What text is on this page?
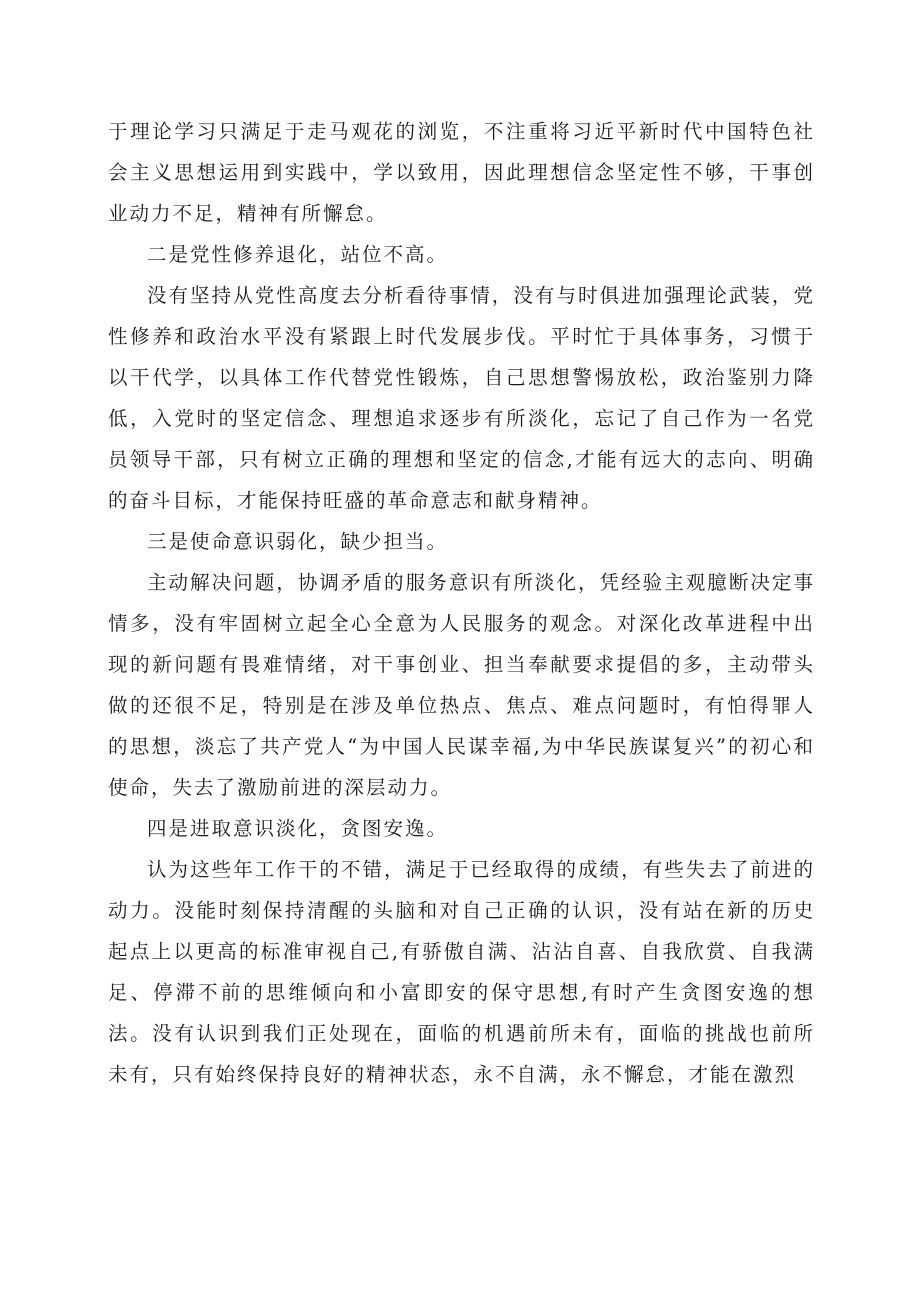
于理论学习只满足于走马观花的浏览，不注重将习近平新时代中国特色社会主义思想运用到实践中，学以致用，因此理想信念坚定性不够，干事创业动力不足，精神有所懈怠。

二是党性修养退化，站位不高。

没有坚持从党性高度去分析看待事情，没有与时俱进加强理论武装，党性修养和政治水平没有紧跟上时代发展步伐。平时忙于具体事务，习惯于以干代学，以具体工作代替党性锻炼，自己思想警惕放松，政治鉴别力降低，入党时的坚定信念、理想追求逐步有所淡化，忘记了自己作为一名党员领导干部，只有树立正确的理想和坚定的信念,才能有远大的志向、明确的奋斗目标，才能保持旺盛的革命意志和献身精神。

三是使命意识弱化，缺少担当。

主动解决问题，协调矛盾的服务意识有所淡化，凭经验主观臆断决定事情多，没有牢固树立起全心全意为人民服务的观念。对深化改革进程中出现的新问题有畏难情绪，对干事创业、担当奉献要求提倡的多，主动带头做的还很不足，特别是在涉及单位热点、焦点、难点问题时，有怕得罪人的思想，淡忘了共产党人“为中国人民谋幸福,为中华民族谋复兴”的初心和使命，失去了激励前进的深层动力。

四是进取意识淡化，贪图安逸。

认为这些年工作干的不错，满足于已经取得的成绩，有些失去了前进的动力。没能时刻保持清醒的头脑和对自己正确的认识，没有站在新的历史起点上以更高的标准审视自己,有骄傲自满、沾沾自喜、自我欣赏、自我满足、停滞不前的思维倾向和小富即安的保守思想,有时产生贪图安逸的想法。没有认识到我们正处现在，面临的机遇前所未有，面临的挑战也前所未有，只有始终保持良好的精神状态，永不自满，永不懈怠，才能在激烈
